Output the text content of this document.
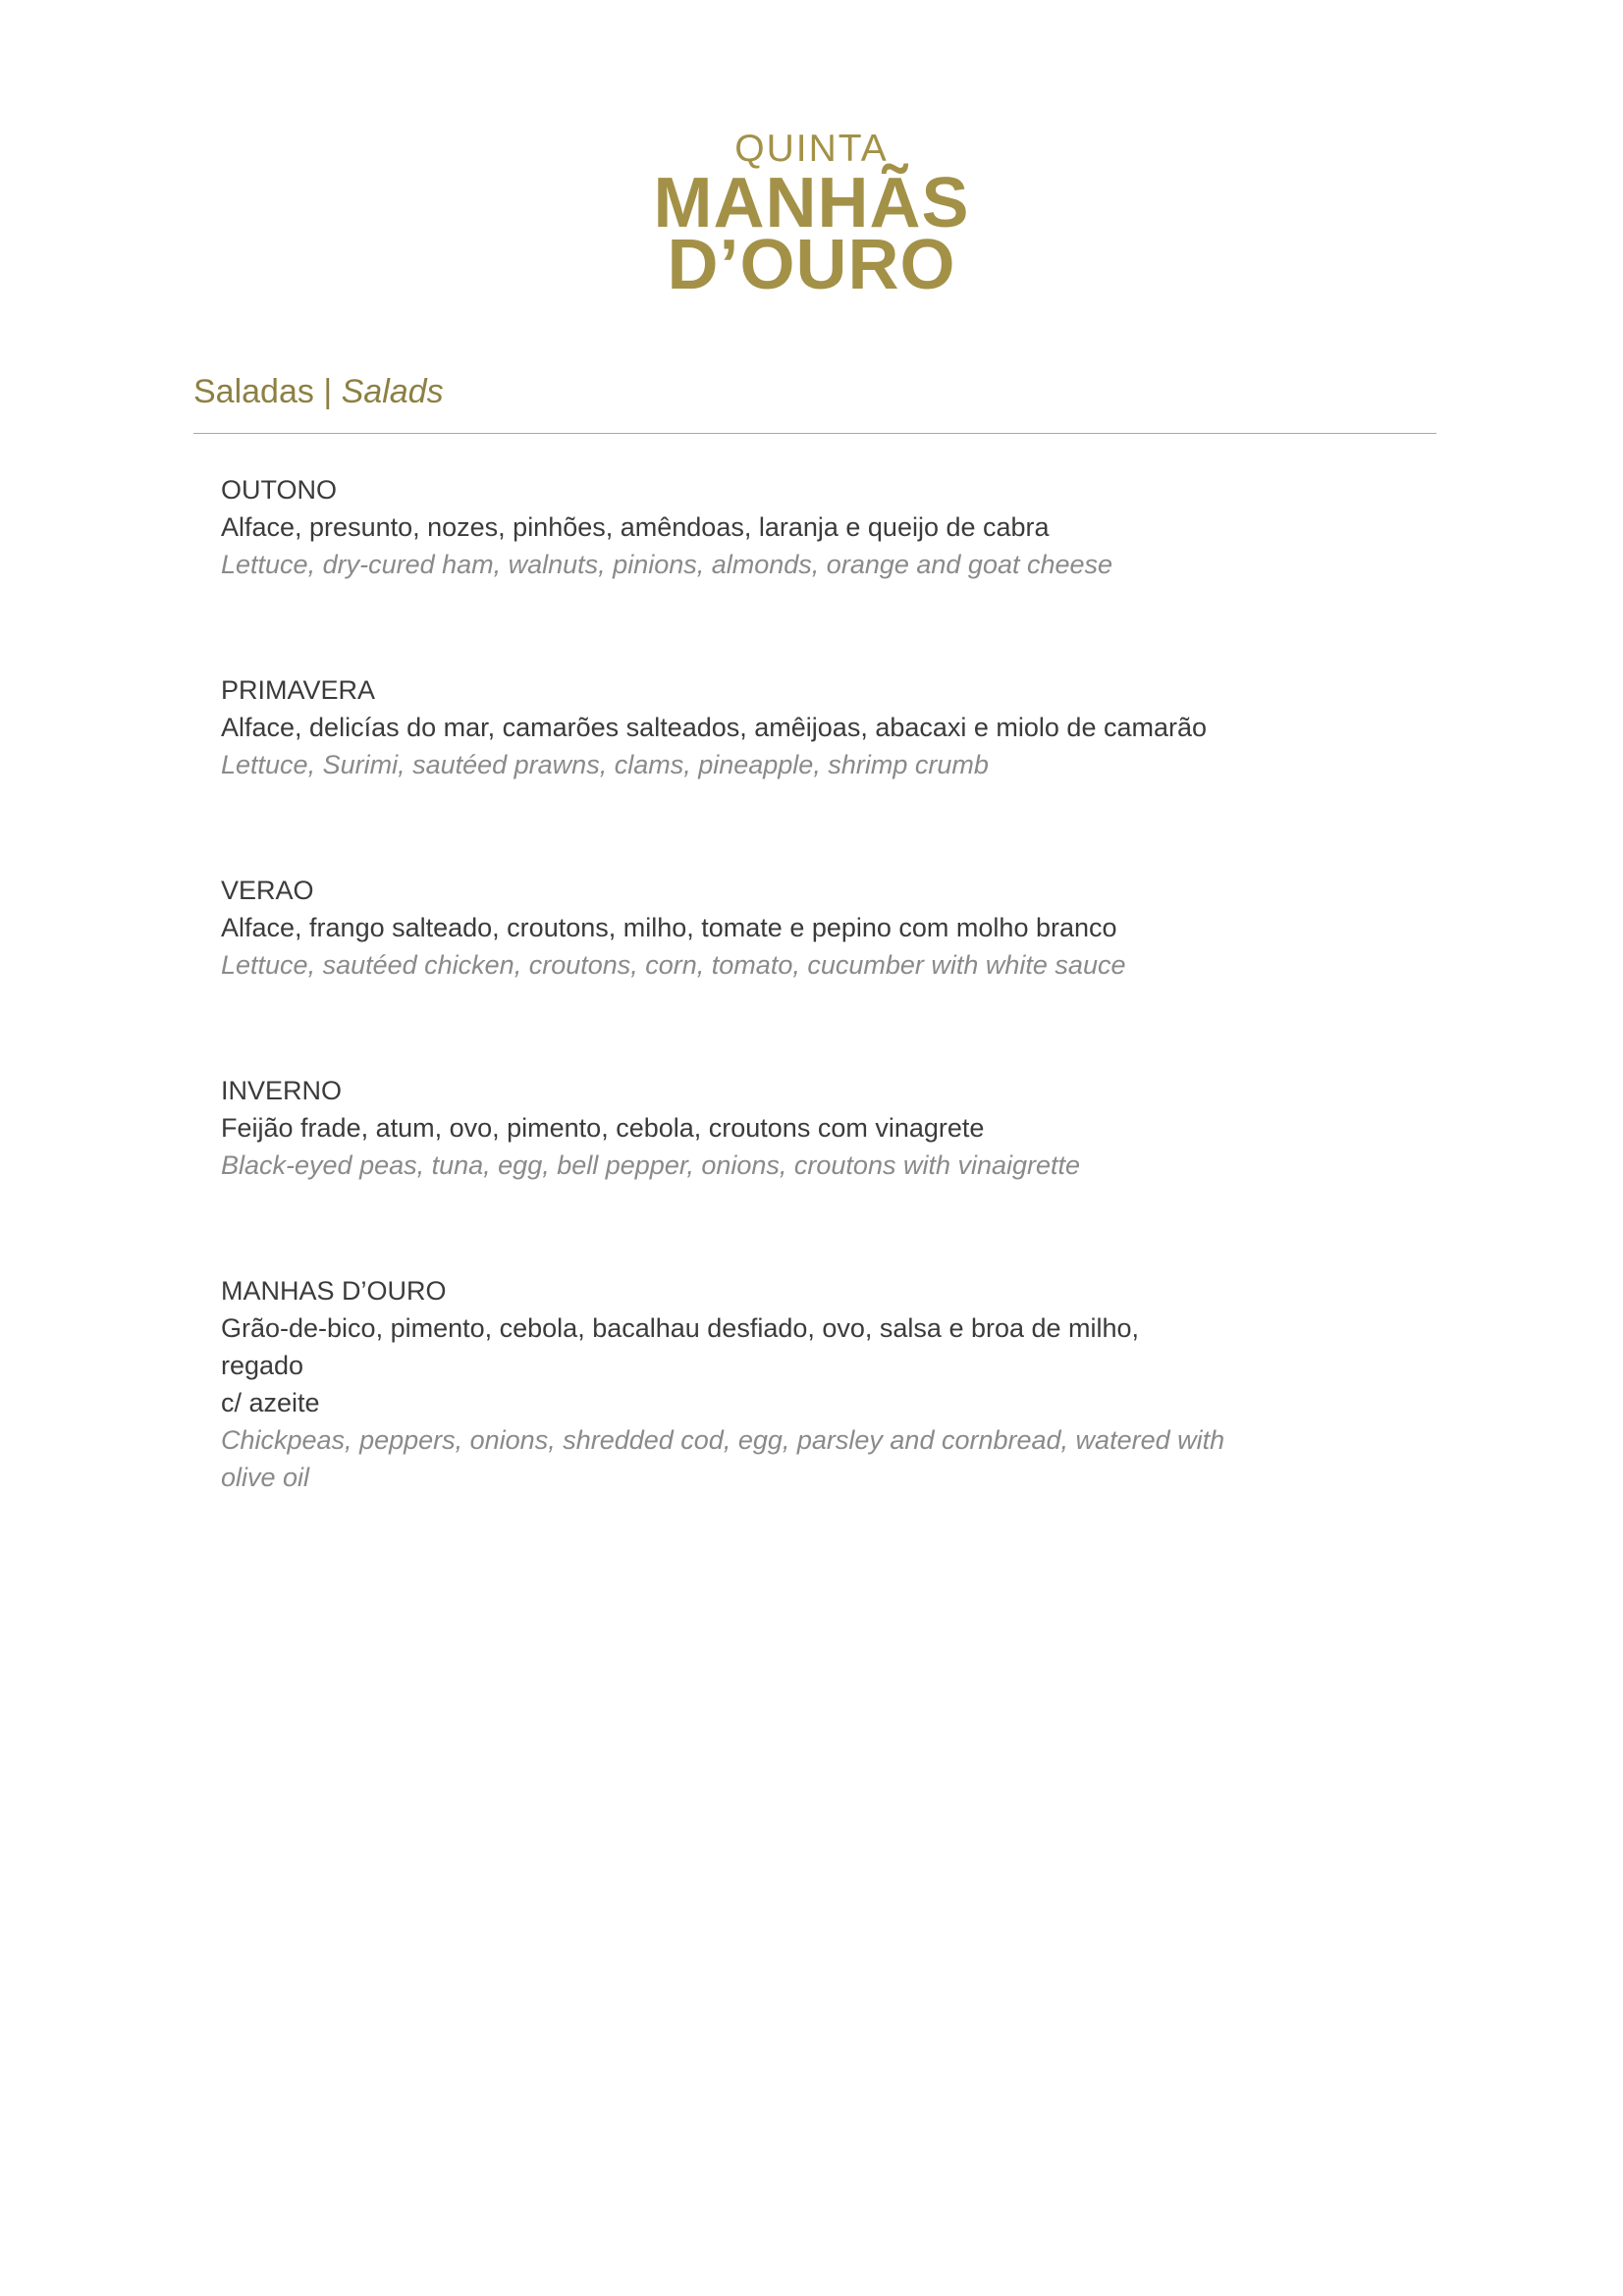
QUINTA
MANHÃS
D’OURO
Saladas | Salads
OUTONO
Alface, presunto, nozes, pinhões, amêndoas, laranja e queijo de cabra
Lettuce, dry-cured ham, walnuts, pinions, almonds, orange and goat cheese
PRIMAVERA
Alface, delicías do mar, camarões salteados, amêijoas, abacaxi e miolo de camarão
Lettuce, Surimi, sautéed prawns, clams, pineapple, shrimp crumb
VERAO
Alface, frango salteado, croutons, milho, tomate e pepino com molho branco
Lettuce, sautéed chicken, croutons, corn, tomato, cucumber with white sauce
INVERNO
Feijão frade, atum, ovo, pimento, cebola, croutons com vinagrete
Black-eyed peas, tuna, egg, bell pepper, onions, croutons with vinaigrette
MANHAS D’OURO
Grão-de-bico, pimento, cebola, bacalhau desfiado, ovo, salsa e broa de milho,
regado
c/ azeite
Chickpeas, peppers, onions, shredded cod, egg, parsley and cornbread, watered with
olive oil
